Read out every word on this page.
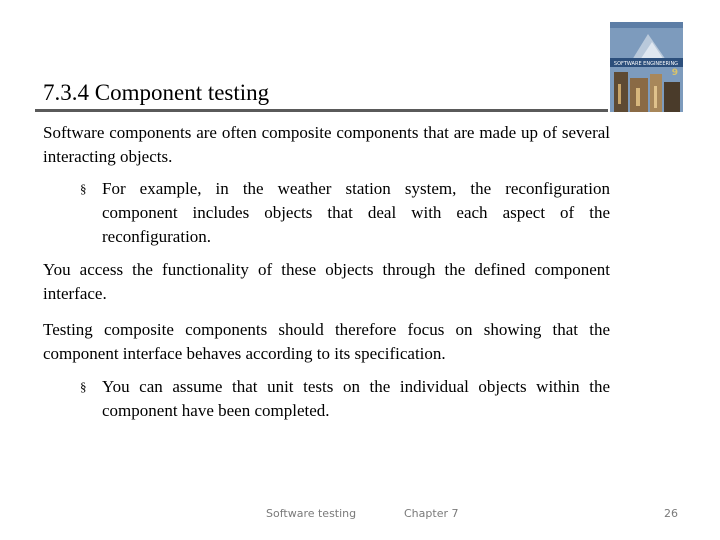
SOFTWARE ENGINEERING
9
7.3.4 Component testing
Software components are often composite components that are made up of several interacting objects.
§ For example, in the weather station system, the reconfiguration component includes objects that deal with each aspect of the reconfiguration.
You access the functionality of these objects through the defined component interface.
Testing composite components should therefore focus on showing that the component interface behaves according to its specification.
§ You can assume that unit tests on the individual objects within the component have been completed.
Software testing	Chapter 7	26
